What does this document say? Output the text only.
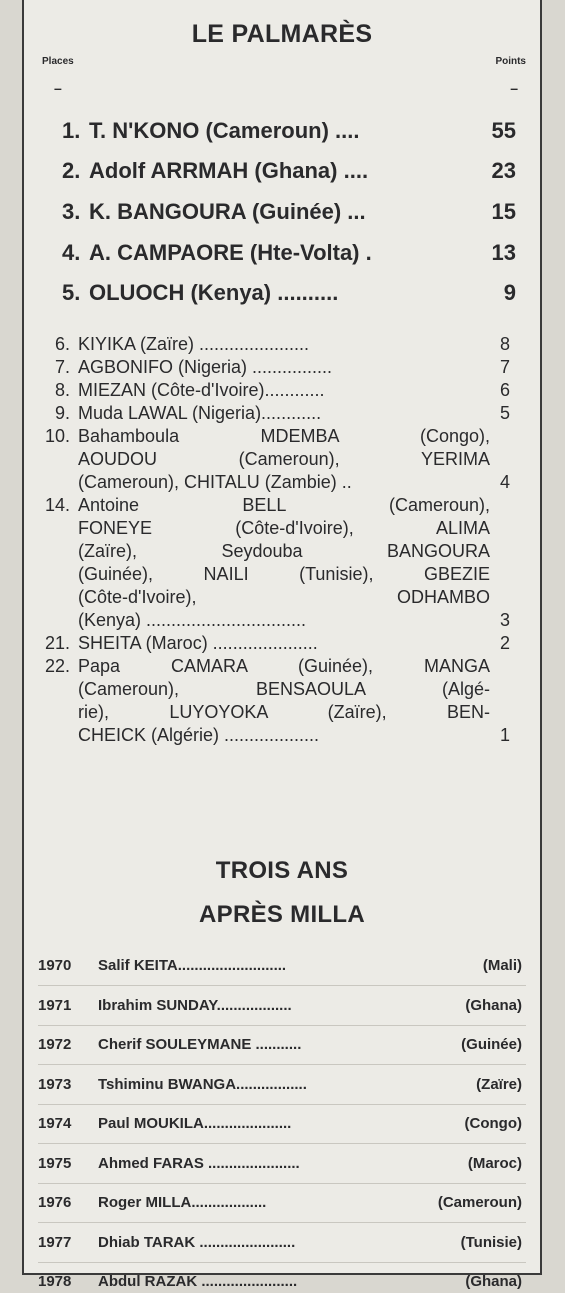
LE PALMARÈS
Places	Points
–	–
1. T. N'KONO (Cameroun) ....	55
2. Adolf ARRMAH (Ghana) ....	23
3. K. BANGOURA (Guinée) ...	15
4. A. CAMPAORE (Hte-Volta) .	13
5. OLUOCH (Kenya) ..........	9
6. KIYIKA (Zaïre) ......................	8
7. AGBONIFO (Nigeria) ................	7
8. MIEZAN (Côte-d'Ivoire)............	6
9. Muda LAWAL (Nigeria)............	5
10. Bahamboula MDEMBA (Congo),
AOUDOU (Cameroun), YERIMA
(Cameroun), CHITALU (Zambie) ..	4
14. Antoine BELL (Cameroun),
FONEYE (Côte-d'Ivoire), ALIMA
(Zaïre), Seydouba BANGOURA
(Guinée), NAILI (Tunisie), GBEZIE
(Côte-d'Ivoire), ODHAMBO
(Kenya) ................................	3
21. SHEITA (Maroc) .....................	2
22. Papa CAMARA (Guinée), MANGA
(Cameroun), BENSAOULA (Algé-
rie), LUYOYOKA (Zaïre), BEN-
CHEICK (Algérie) ...................	1
TROIS ANS
APRÈS MILLA
1970 Salif KEITA..........................	(Mali)
1971 Ibrahim SUNDAY..................	(Ghana)
1972 Cherif SOULEYMANE ...........	(Guinée)
1973 Tshiminu BWANGA.................	(Zaïre)
1974 Paul MOUKILA.....................	(Congo)
1975 Ahmed FARAS ......................	(Maroc)
1976 Roger MILLA..................	(Cameroun)
1977 Dhiab TARAK .......................	(Tunisie)
1978 Abdul RAZAK .......................	(Ghana)
